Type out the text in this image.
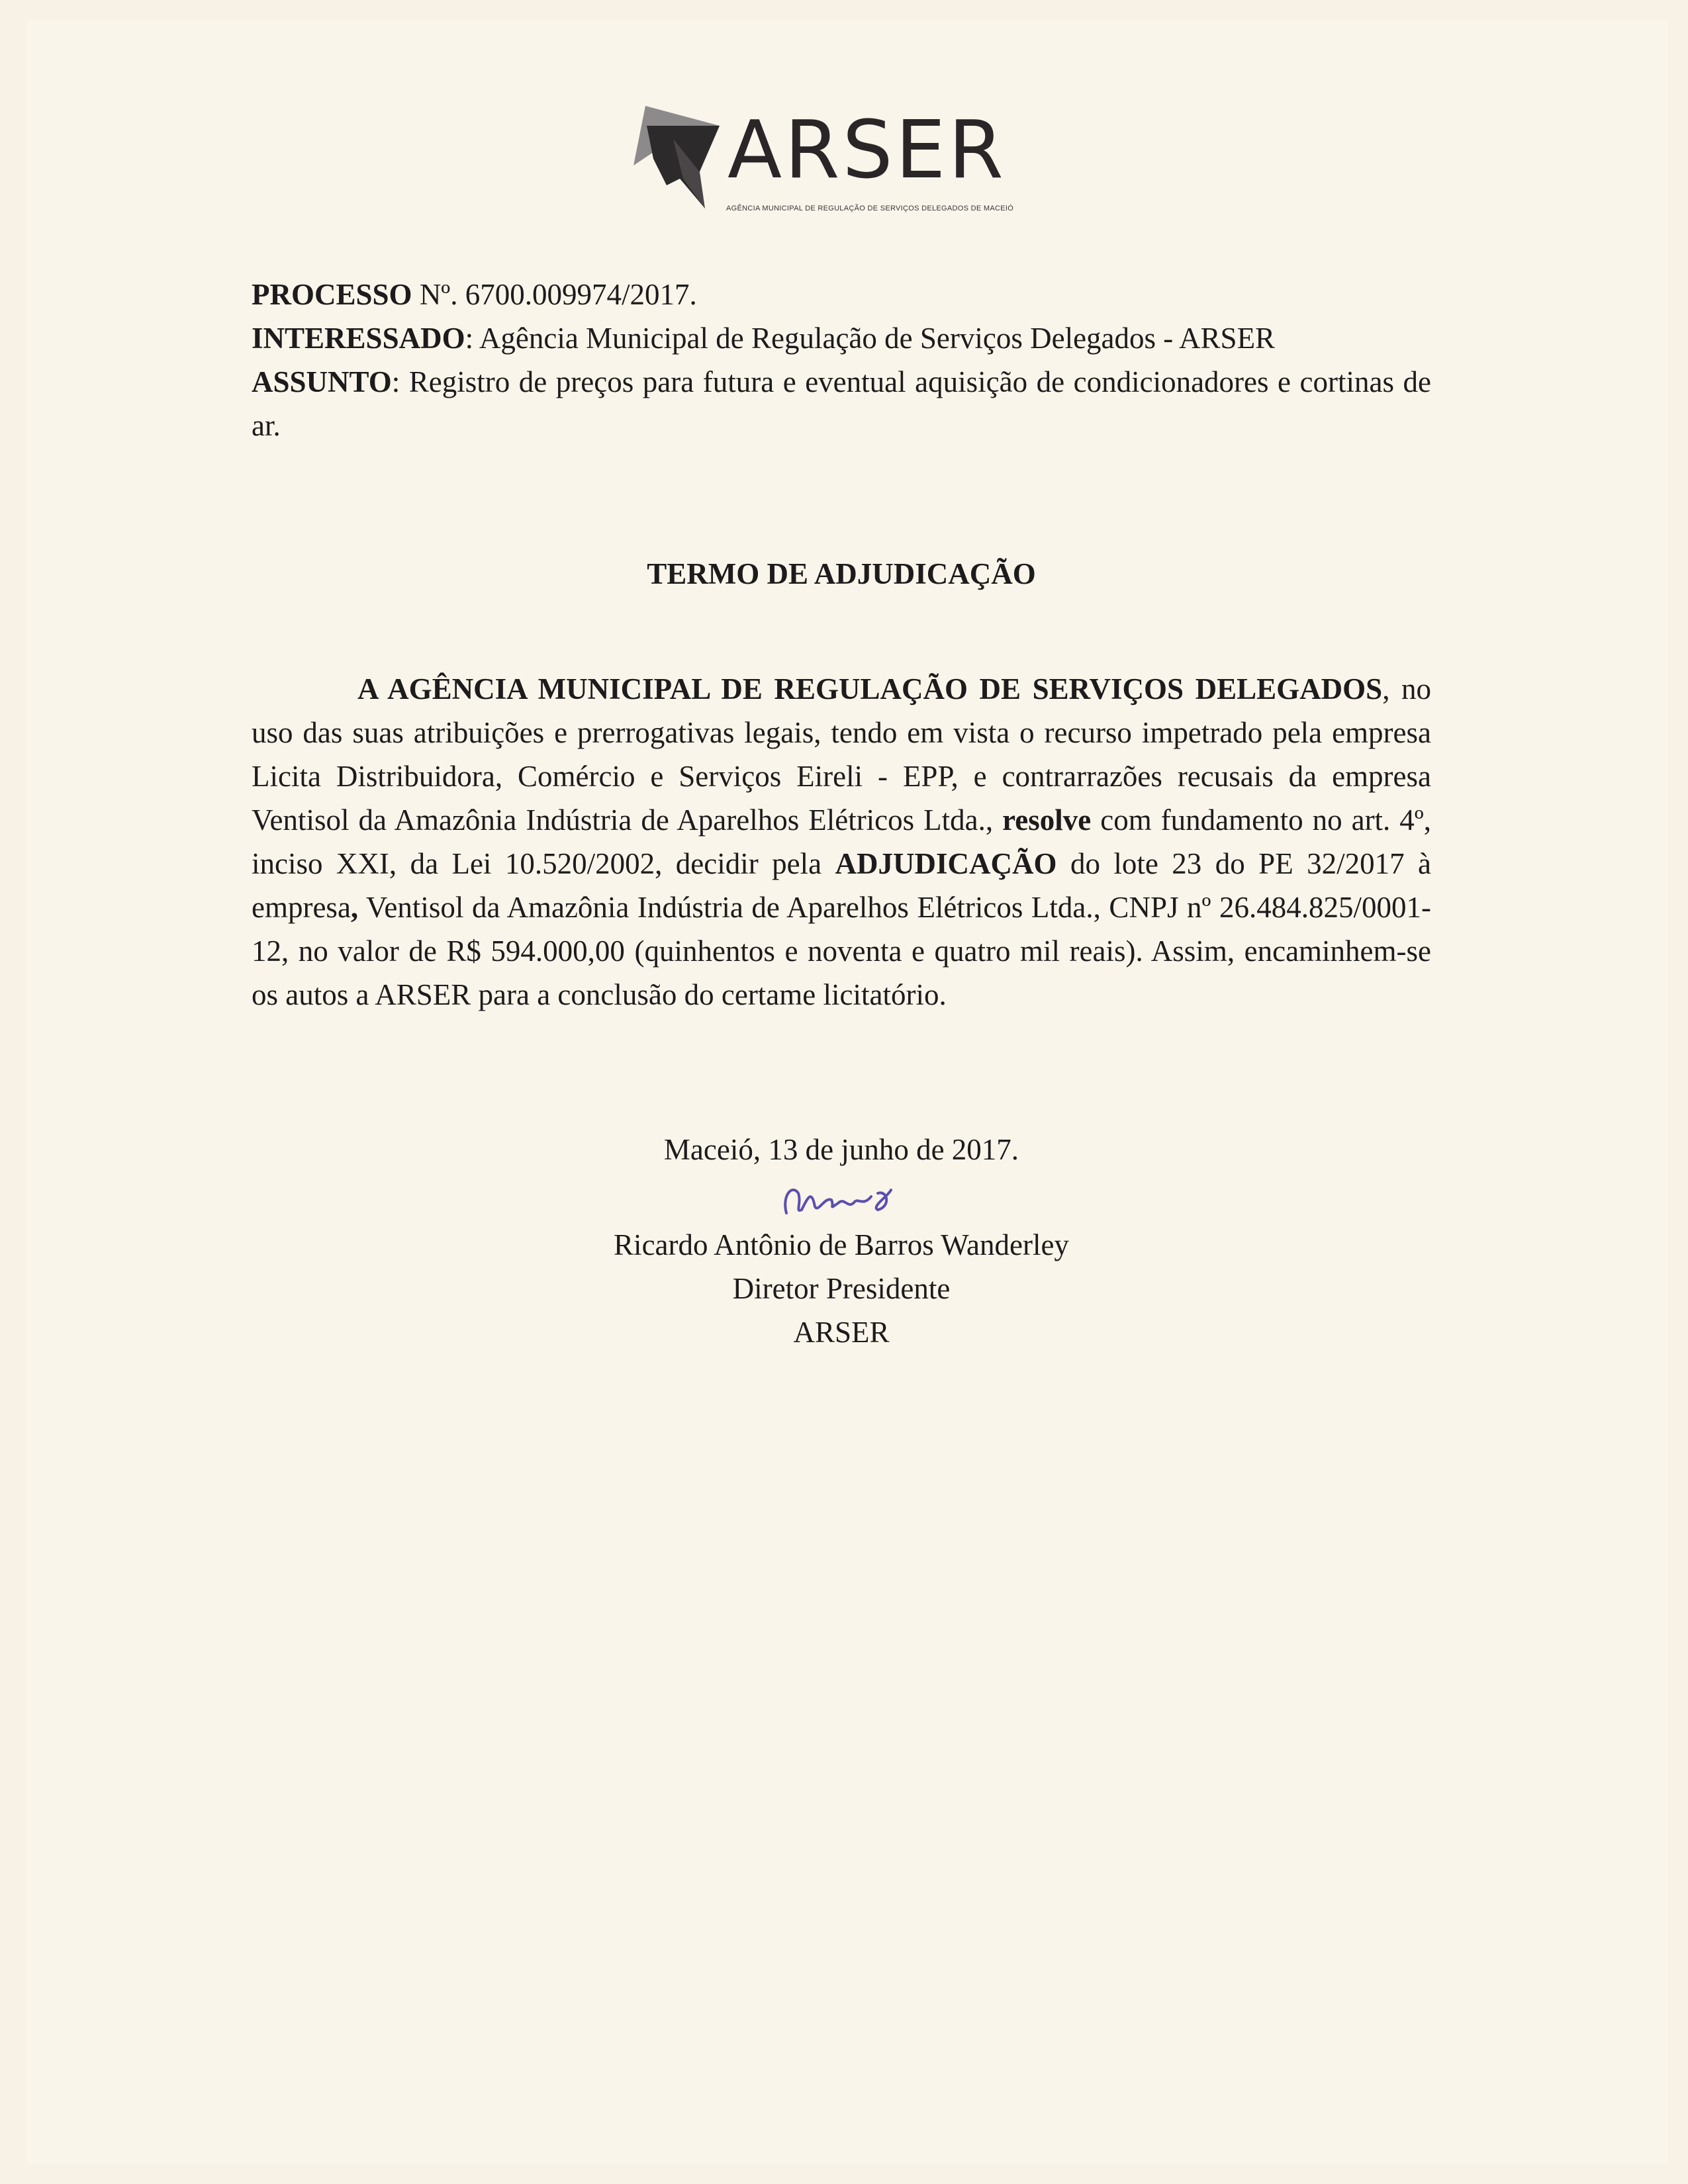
ARSER
AGÊNCIA MUNICIPAL DE REGULAÇÃO DE SERVIÇOS DELEGADOS DE MACEIÓ
PROCESSO Nº. 6700.009974/2017.
INTERESSADO: Agência Municipal de Regulação de Serviços Delegados - ARSER
ASSUNTO: Registro de preços para futura e eventual aquisição de condicionadores e cortinas de ar.
TERMO DE ADJUDICAÇÃO
A AGÊNCIA MUNICIPAL DE REGULAÇÃO DE SERVIÇOS DELEGADOS, no uso das suas atribuições e prerrogativas legais, tendo em vista o recurso impetrado pela empresa Licita Distribuidora, Comércio e Serviços Eireli - EPP, e contrarrazões recusais da empresa Ventisol da Amazônia Indústria de Aparelhos Elétricos Ltda., resolve com fundamento no art. 4º, inciso XXI, da Lei 10.520/2002, decidir pela ADJUDICAÇÃO do lote 23 do PE 32/2017 à empresa, Ventisol da Amazônia Indústria de Aparelhos Elétricos Ltda., CNPJ nº 26.484.825/0001-12, no valor de R$ 594.000,00 (quinhentos e noventa e quatro mil reais). Assim, encaminhem-se os autos a ARSER para a conclusão do certame licitatório.
Maceió, 13 de junho de 2017.
Ricardo Antônio de Barros Wanderley
Diretor Presidente
ARSER
